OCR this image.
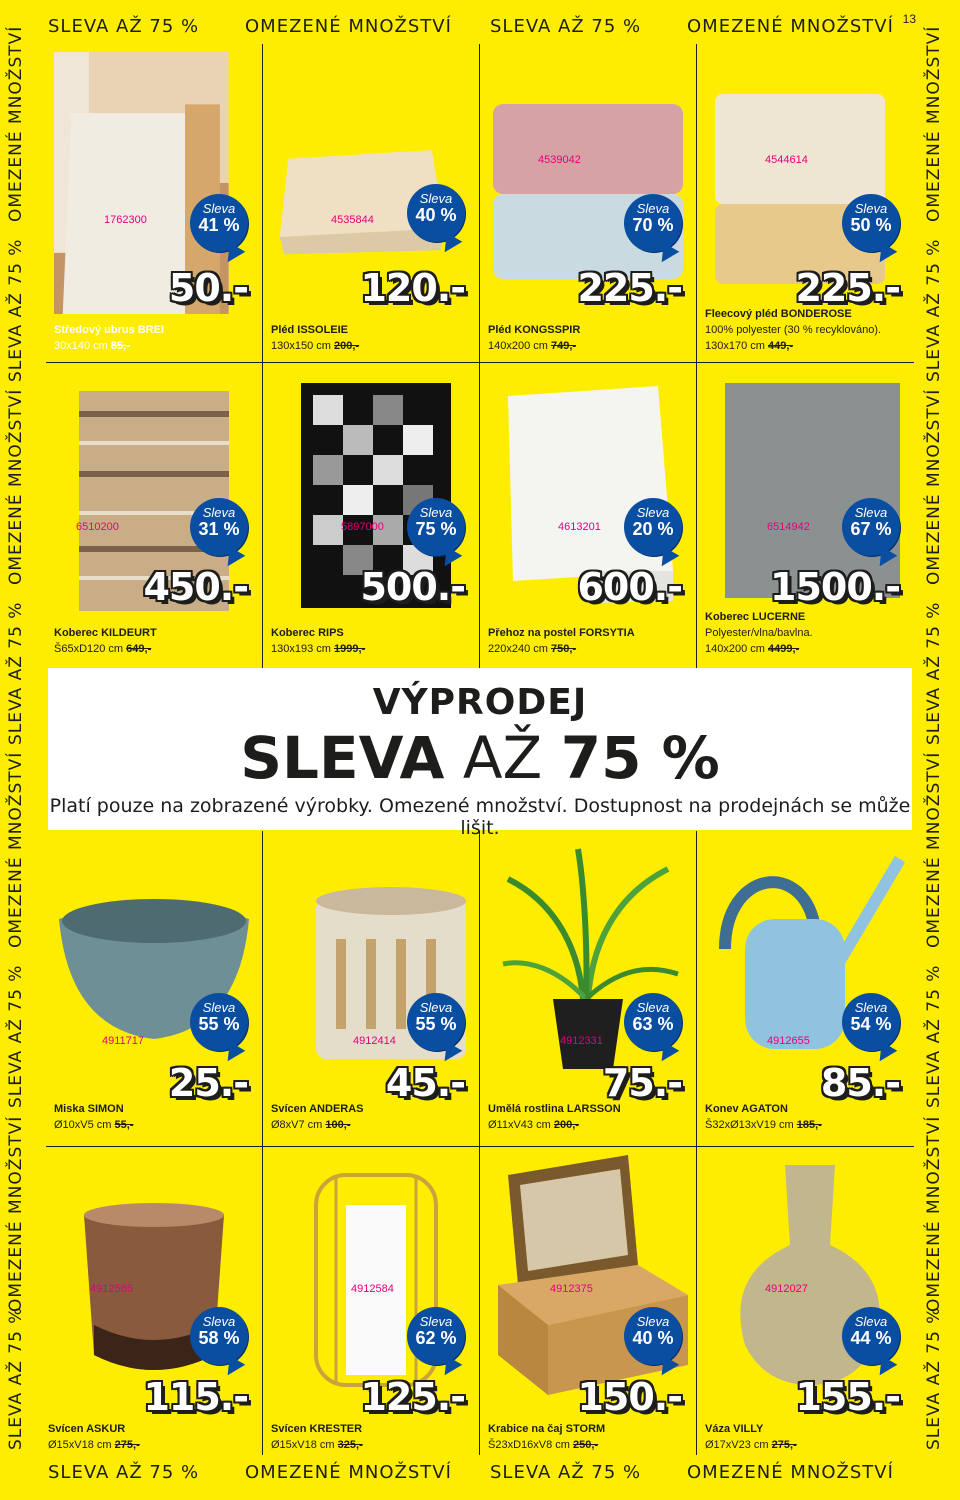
SLEVA AŽ 75 %	OMEZENÉ MNOŽSTVÍ SLEVA AŽ 75 %	OMEZENÉ MNOŽSTVÍ 13
SLEVA AŽ 75 %	OMEZENÉ MNOŽSTVÍ SLEVA AŽ 75 %	OMEZENÉ MNOŽSTVÍ
OMEZENÉ MNOŽSTVÍ
SLEVA AŽ 75 %
OMEZENÉ MNOŽSTVÍ
SLEVA AŽ 75 %
OMEZENÉ MNOŽSTVÍ
SLEVA AŽ 75 %
OMEZENÉ MNOŽSTVÍ
SLEVA AŽ 75 %
OMEZENÉ MNOŽSTVÍ
SLEVA AŽ 75 %
OMEZENÉ MNOŽSTVÍ
SLEVA AŽ 75 %
OMEZENÉ MNOŽSTVÍ
SLEVA AŽ 75 %
OMEZENÉ MNOŽSTVÍ
SLEVA AŽ 75 %
1762300
Sleva
41 %
50.-
Středový ubrus BREI
30x140 cm 85,-
4535844
Sleva
40 %
120.-
Pléd ISSOLEIE
130x150 cm 200,-
4539042
Sleva
70 %
225.-
Pléd KONGSSPIR
140x200 cm 749,-
4544614
Sleva
50 %
225.-
Fleecový pléd BONDEROSE
100% polyester (30 % recyklováno).
130x170 cm 449,-
6510200
Sleva
31 %
450.-
Koberec KILDEURT
Š65xD120 cm 649,-
5897000
Sleva
75 %
500.-
Koberec RIPS
130x193 cm 1999,-
4613201
Sleva
20 %
600.-
Přehoz na postel FORSYTIA
220x240 cm 750,-
6514942
Sleva
67 %
1500.-
Koberec LUCERNE
Polyester/vlna/bavlna.
140x200 cm 4499,-
VÝPRODEJ
SLEVA AŽ 75 %
Platí pouze na zobrazené výrobky. Omezené množství. Dostupnost na prodejnách se může lišit.
4911717
Sleva
55 %
25.-
Miska SIMON
Ø10xV5 cm 55,-
4912414
Sleva
55 %
45.-
Svícen ANDERAS
Ø8xV7 cm 100,-
4912331
Sleva
63 %
75.-
Umělá rostlina LARSSON
Ø11xV43 cm 200,-
4912655
Sleva
54 %
85.-
Konev AGATON
Š32xØ13xV19 cm 185,-
4912586
Sleva
58 %
115.-
Svícen ASKUR
Ø15xV18 cm 275,-
4912584
Sleva
62 %
125.-
Svícen KRESTER
Ø15xV18 cm 325,-
4912375
Sleva
40 %
150.-
Krabice na čaj STORM
Š23xD16xV8 cm 250,-
4912027
Sleva
44 %
155.-
Váza VILLY
Ø17xV23 cm 275,-
